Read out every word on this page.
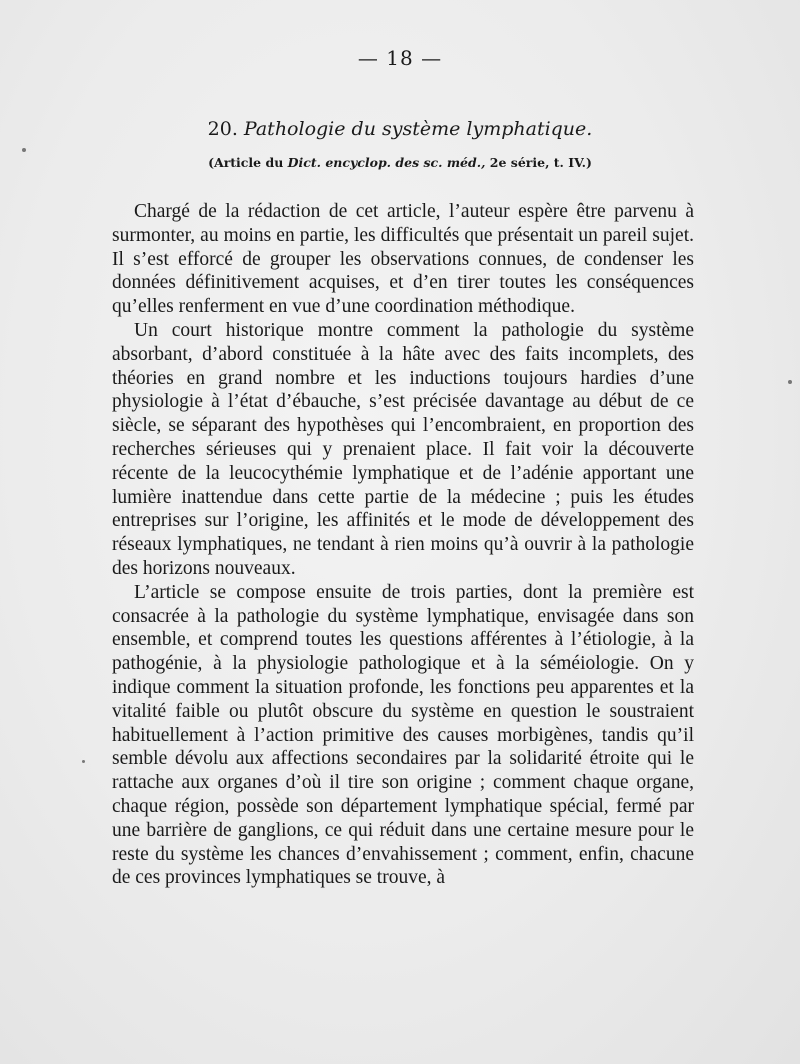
— 18 —
20. Pathologie du système lymphatique.
(Article du Dict. encyclop. des sc. méd., 2e série, t. IV.)

Chargé de la rédaction de cet article, l’auteur espère être parvenu à surmonter, au moins en partie, les difficultés que présentait un pareil sujet. Il s’est efforcé de grouper les observations connues, de condenser les données définitivement acquises, et d’en tirer toutes les conséquences qu’elles renferment en vue d’une coordination méthodique.

Un court historique montre comment la pathologie du système absorbant, d’abord constituée à la hâte avec des faits incomplets, des théories en grand nombre et les inductions toujours hardies d’une physiologie à l’état d’ébauche, s’est précisée davantage au début de ce siècle, se séparant des hypothèses qui l’encombraient, en proportion des recherches sérieuses qui y prenaient place. Il fait voir la découverte récente de la leucocythémie lymphatique et de l’adénie apportant une lumière inattendue dans cette partie de la médecine ; puis les études entreprises sur l’origine, les affinités et le mode de développement des réseaux lymphatiques, ne tendant à rien moins qu’à ouvrir à la pathologie des horizons nouveaux.

L’article se compose ensuite de trois parties, dont la première est consacrée à la pathologie du système lymphatique, envisagée dans son ensemble, et comprend toutes les questions afférentes à l’étiologie, à la pathogénie, à la physiologie pathologique et à la séméiologie. On y indique comment la situation profonde, les fonctions peu apparentes et la vitalité faible ou plutôt obscure du système en question le soustraient habituellement à l’action primitive des causes morbigènes, tandis qu’il semble dévolu aux affections secondaires par la solidarité étroite qui le rattache aux organes d’où il tire son origine ; comment chaque organe, chaque région, possède son département lymphatique spécial, fermé par une barrière de ganglions, ce qui réduit dans une certaine mesure pour le reste du système les chances d’envahissement ; comment, enfin, chacune de ces provinces lymphatiques se trouve, à
